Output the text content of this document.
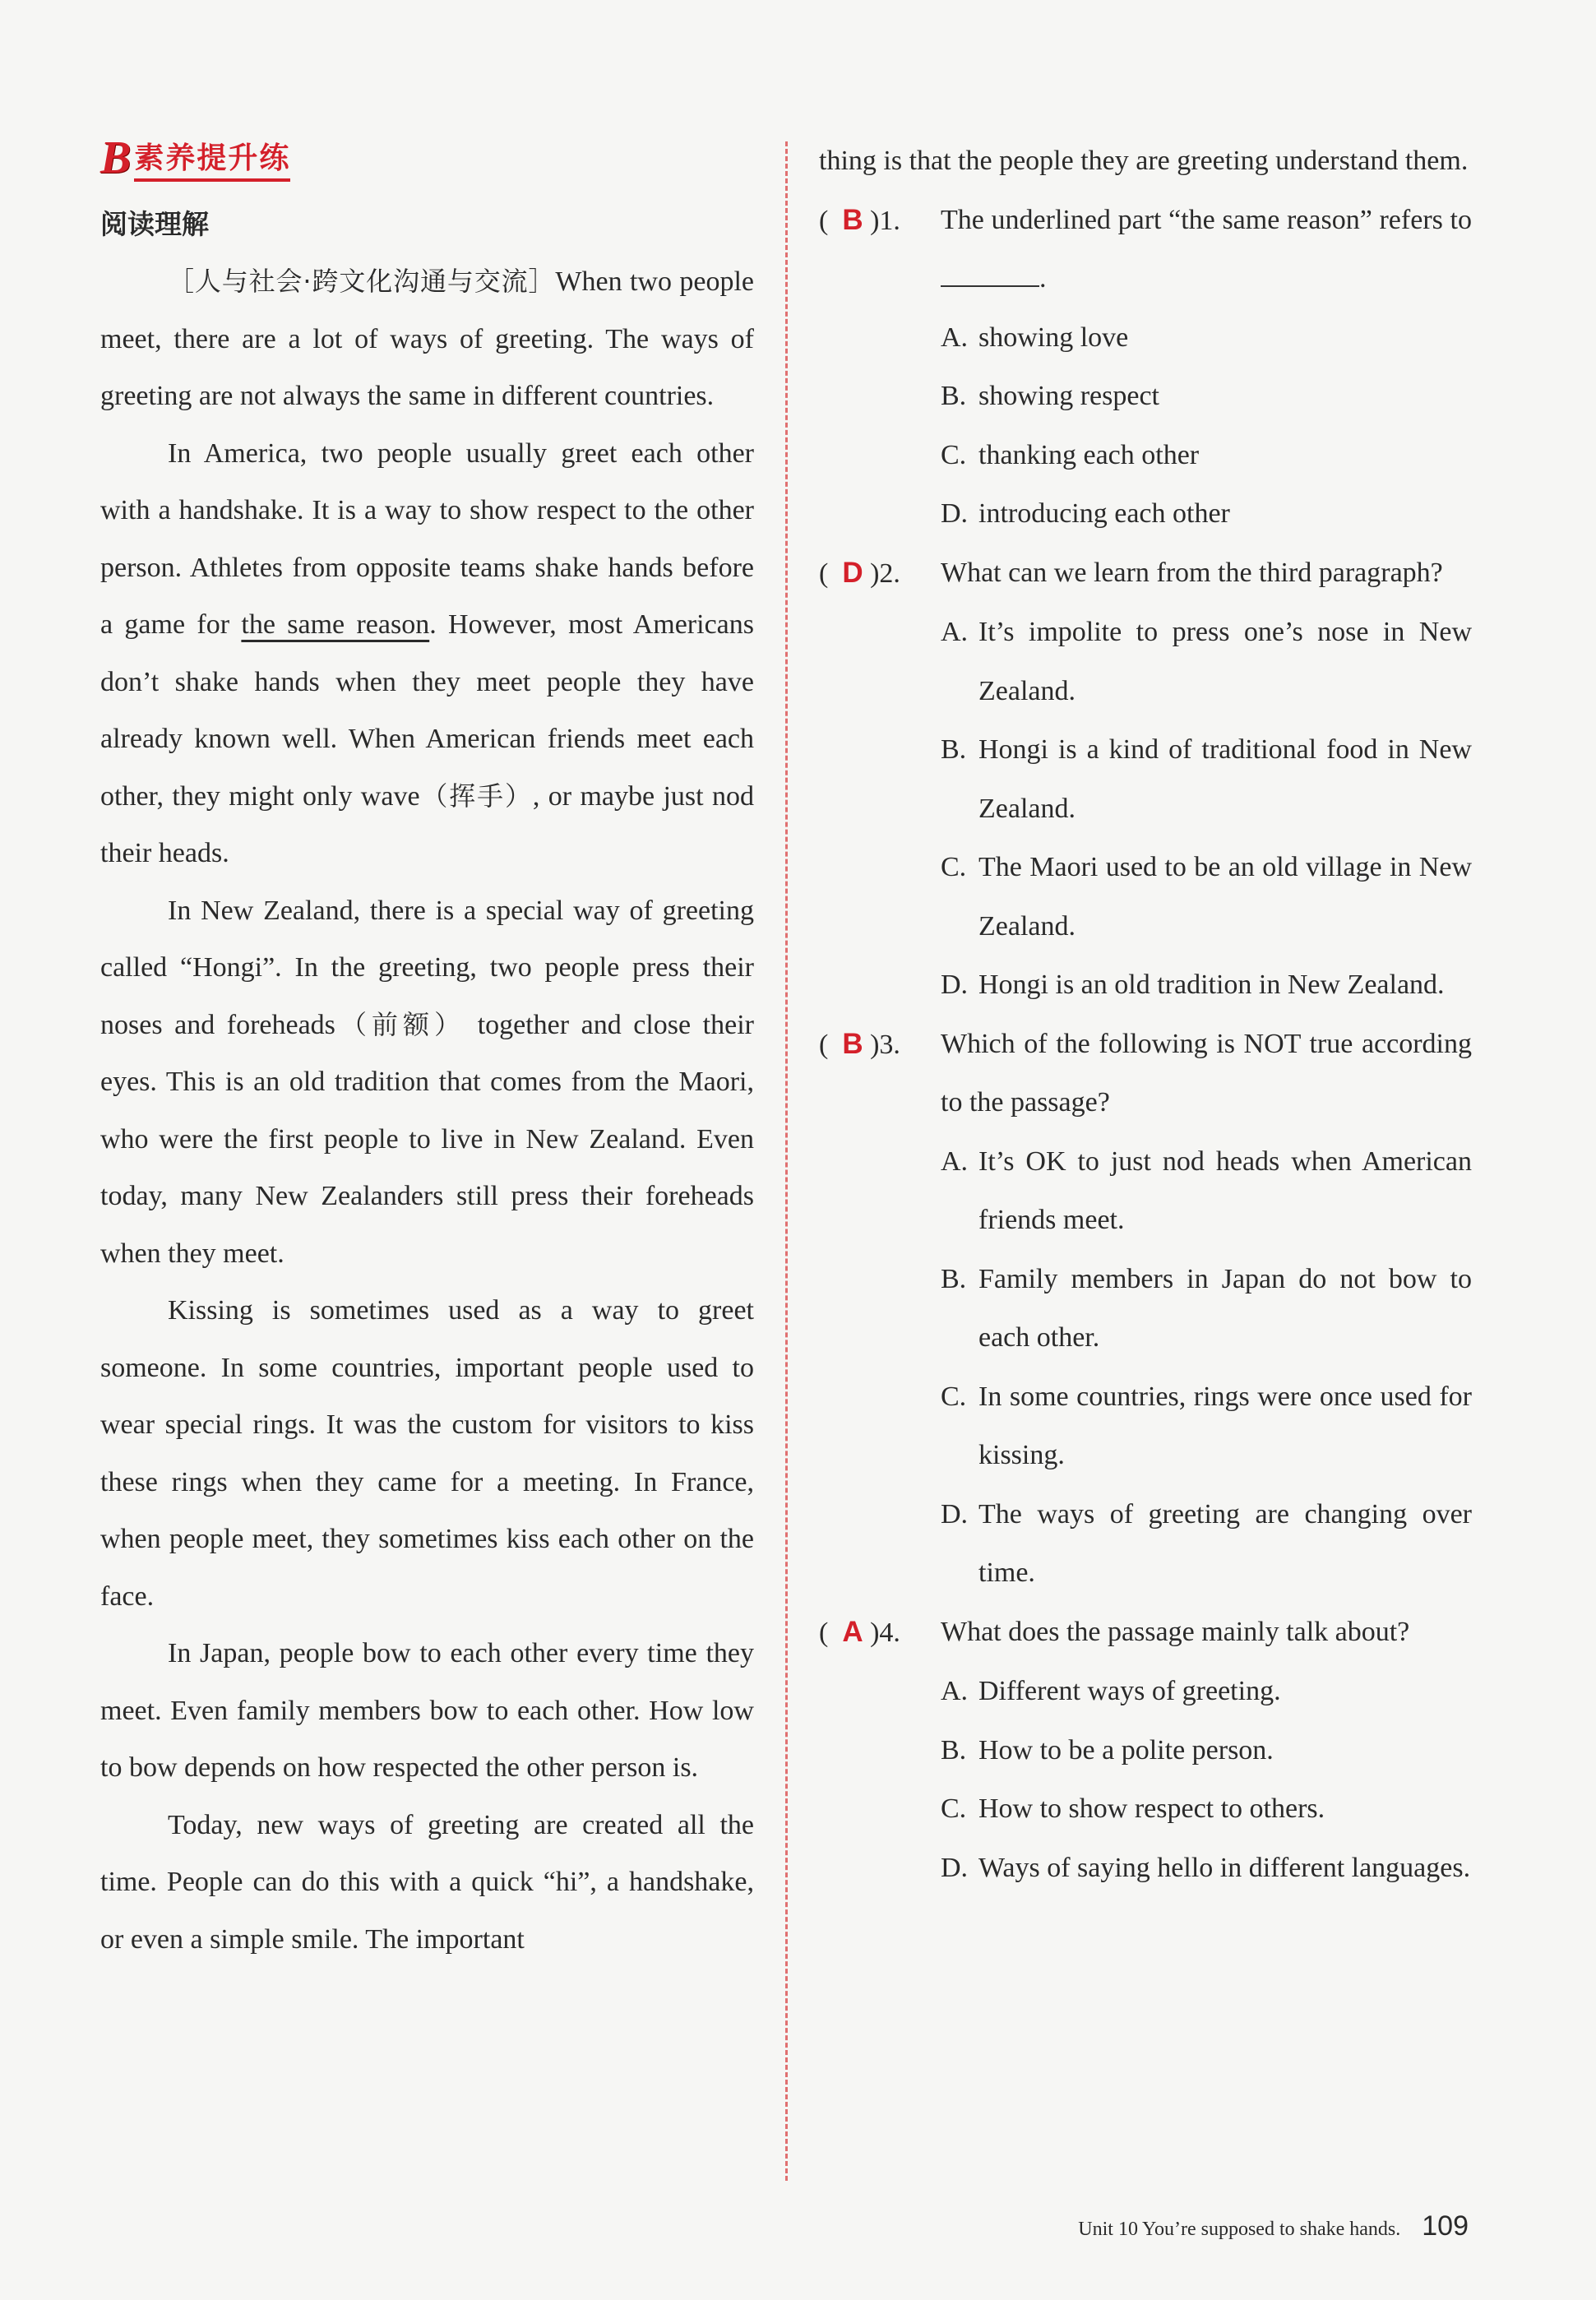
B 素养提升练
阅读理解

［人与社会·跨文化沟通与交流］When two people meet, there are a lot of ways of greeting. The ways of greeting are not always the same in different countries.

In America, two people usually greet each other with a handshake. It is a way to show respect to the other person. Athletes from opposite teams shake hands before a game for the same reason. However, most Americans don’t shake hands when they meet people they have already known well. When American friends meet each other, they might only wave（挥手）, or maybe just nod their heads.

In New Zealand, there is a special way of greeting called “Hongi”. In the greeting, two people press their noses and foreheads（前额） together and close their eyes. This is an old tradition that comes from the Maori, who were the first people to live in New Zealand. Even today, many New Zealanders still press their foreheads when they meet.

Kissing is sometimes used as a way to greet someone. In some countries, important people used to wear special rings. It was the custom for visitors to kiss these rings when they came for a meeting. In France, when people meet, they sometimes kiss each other on the face.

In Japan, people bow to each other every time they meet. Even family members bow to each other. How low to bow depends on how respected the other person is.

Today, new ways of greeting are created all the time. People can do this with a quick “hi”, a handshake, or even a simple smile. The important

thing is that the people they are greeting understand them.

(  B )1.	The underlined part “the same reason” refers to .
A. showing love
B. showing respect
C. thanking each other
D. introducing each other
(  D )2.	What can we learn from the third paragraph?
A. It’s impolite to press one’s nose in New Zealand.
B. Hongi is a kind of traditional food in New Zealand.
C. The Maori used to be an old village in New Zealand.
D. Hongi is an old tradition in New Zealand.
(  B )3.	Which of the following is NOT true according to the passage?
A. It’s OK to just nod heads when American friends meet.
B. Family members in Japan do not bow to each other.
C. In some countries, rings were once used for kissing.
D. The ways of greeting are changing over time.
(  A )4.	What does the passage mainly talk about?
A. Different ways of greeting.
B. How to be a polite person.
C. How to show respect to others.
D. Ways of saying hello in different languages.
Unit 10 You’re supposed to shake hands. 109
